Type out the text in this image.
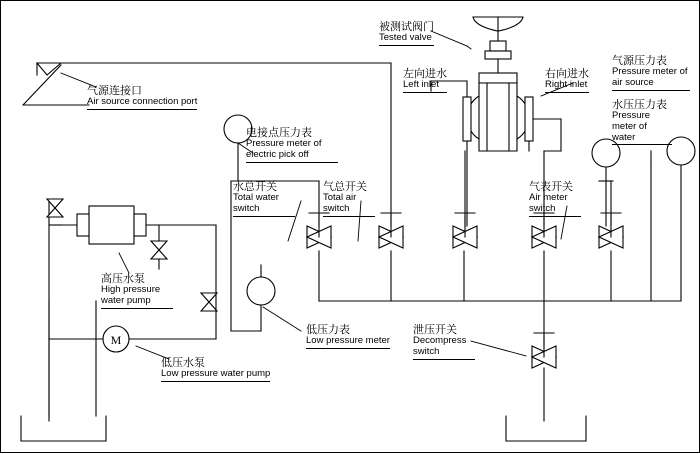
M
气源连接口
Air source connection port
被测试阀门
Tested valve
左向进水
Left inlet
右向进水
Right inlet
气源压力表
Pressure meter of air source
水压压力表
Pressure meter of water
电接点压力表
Pressure meter of electric pick off
水总开关
Total water switch
气总开关
Total air switch
气表开关
Air meter switch
高压水泵
High pressure water pump
低压力表
Low pressure meter
泄压开关
Decompress switch
低压水泵
Low pressure water pump
